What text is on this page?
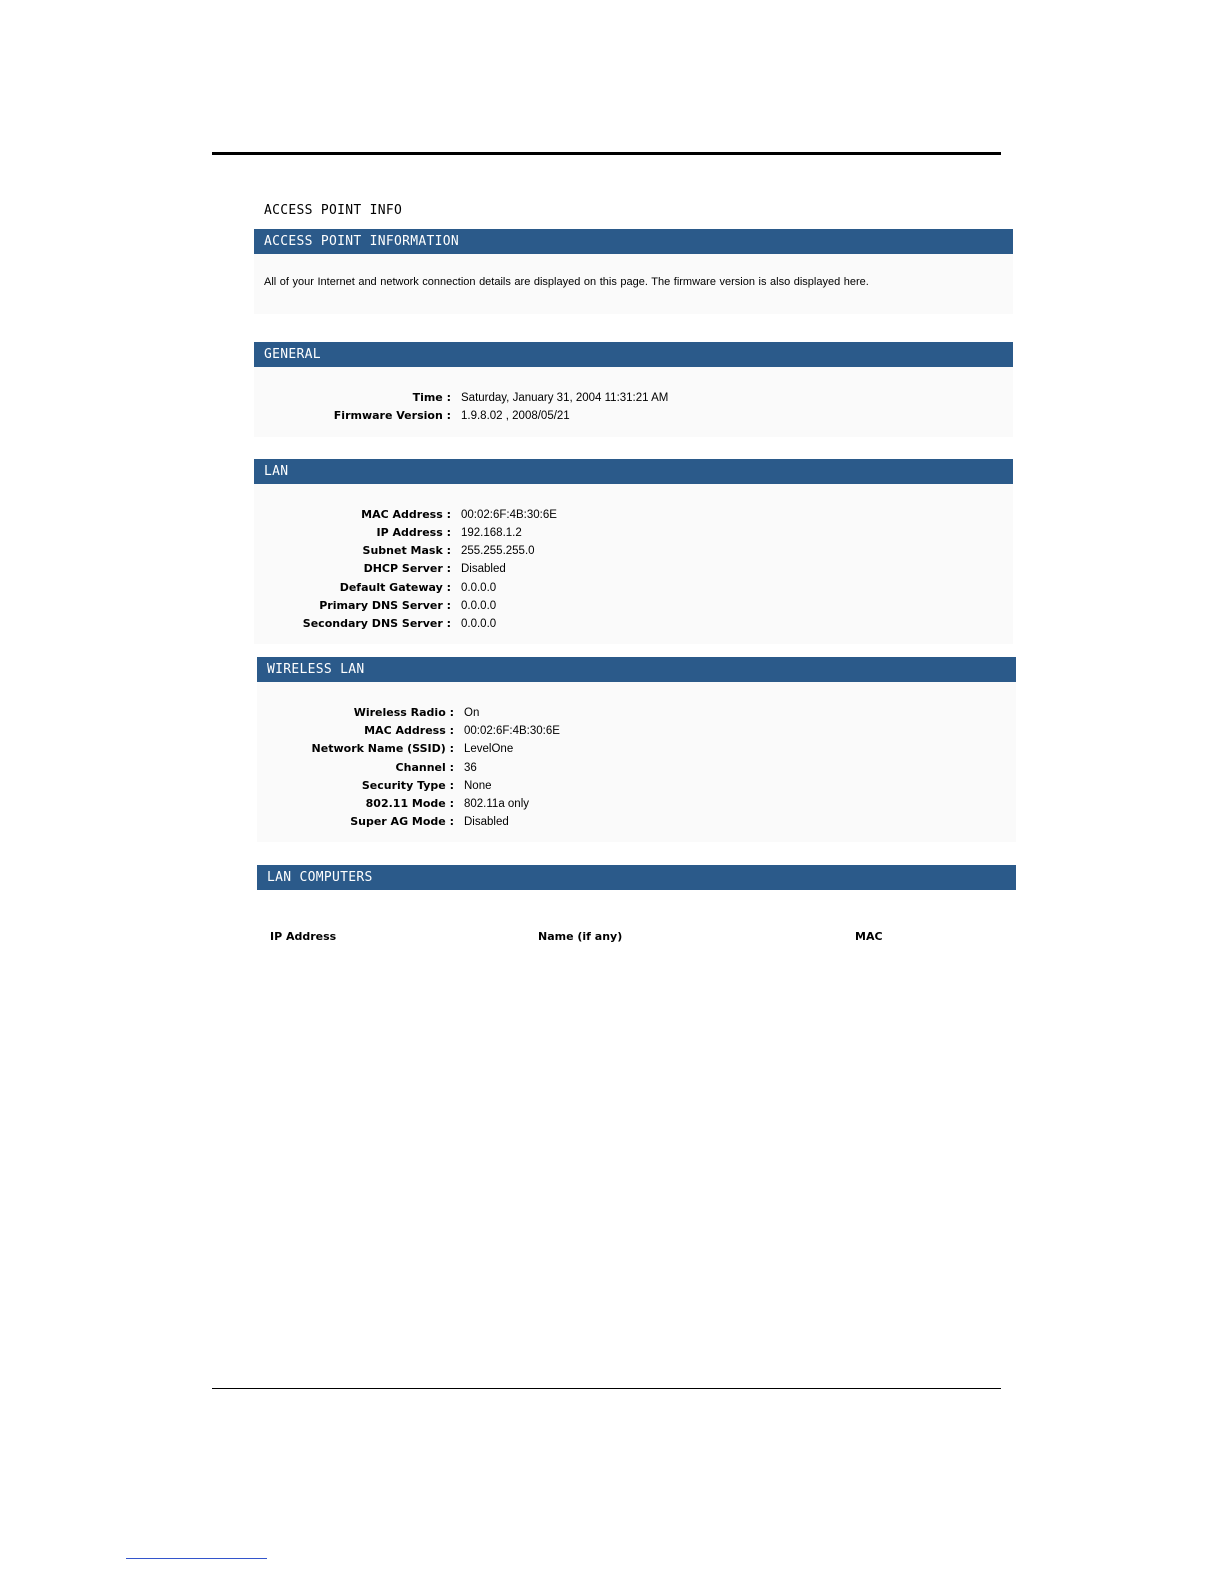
ACCESS POINT INFO
ACCESS POINT INFORMATION
All of your Internet and network connection details are displayed on this page. The firmware version is also displayed here.
GENERAL
Time : Saturday, January 31, 2004 11:31:21 AM
Firmware Version : 1.9.8.02 , 2008/05/21
LAN
MAC Address : 00:02:6F:4B:30:6E
IP Address : 192.168.1.2
Subnet Mask : 255.255.255.0
DHCP Server : Disabled
Default Gateway : 0.0.0.0
Primary DNS Server : 0.0.0.0
Secondary DNS Server : 0.0.0.0
WIRELESS LAN
Wireless Radio : On
MAC Address : 00:02:6F:4B:30:6E
Network Name (SSID) : LevelOne
Channel : 36
Security Type : None
802.11 Mode : 802.11a only
Super AG Mode : Disabled
LAN COMPUTERS
IP Address	Name (if any)	MAC
